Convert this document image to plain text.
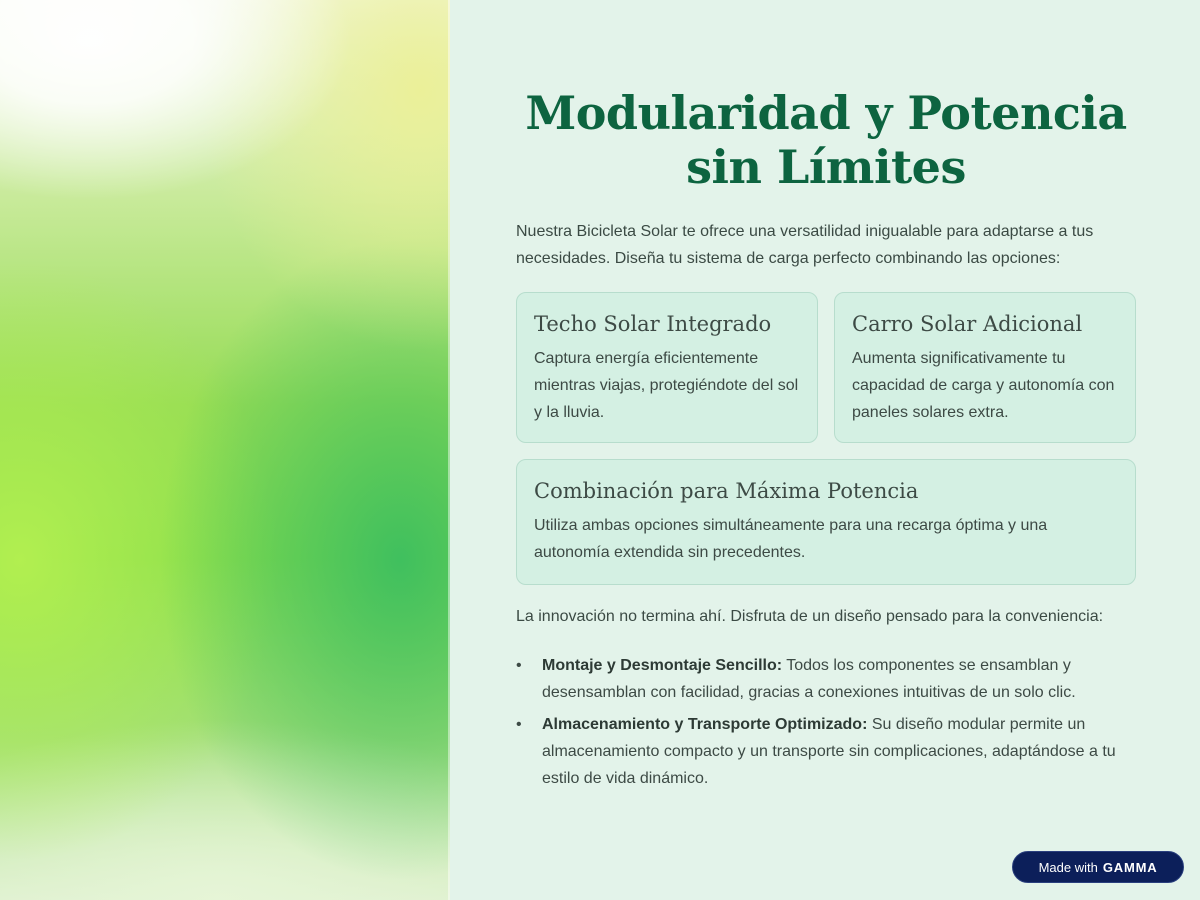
Modularidad y Potencia sin Límites

Nuestra Bicicleta Solar te ofrece una versatilidad inigualable para adaptarse a tus necesidades. Diseña tu sistema de carga perfecto combinando las opciones:

Techo Solar Integrado

Captura energía eficientemente mientras viajas, protegiéndote del sol y la lluvia.

Carro Solar Adicional

Aumenta significativamente tu capacidad de carga y autonomía con paneles solares extra.

Combinación para Máxima Potencia

Utiliza ambas opciones simultáneamente para una recarga óptima y una autonomía extendida sin precedentes.

La innovación no termina ahí. Disfruta de un diseño pensado para la conveniencia:

• Montaje y Desmontaje Sencillo: Todos los componentes se ensamblan y desensamblan con facilidad, gracias a conexiones intuitivas de un solo clic.
• Almacenamiento y Transporte Optimizado: Su diseño modular permite un almacenamiento compacto y un transporte sin complicaciones, adaptándose a tu estilo de vida dinámico.
Made with GAMMA
